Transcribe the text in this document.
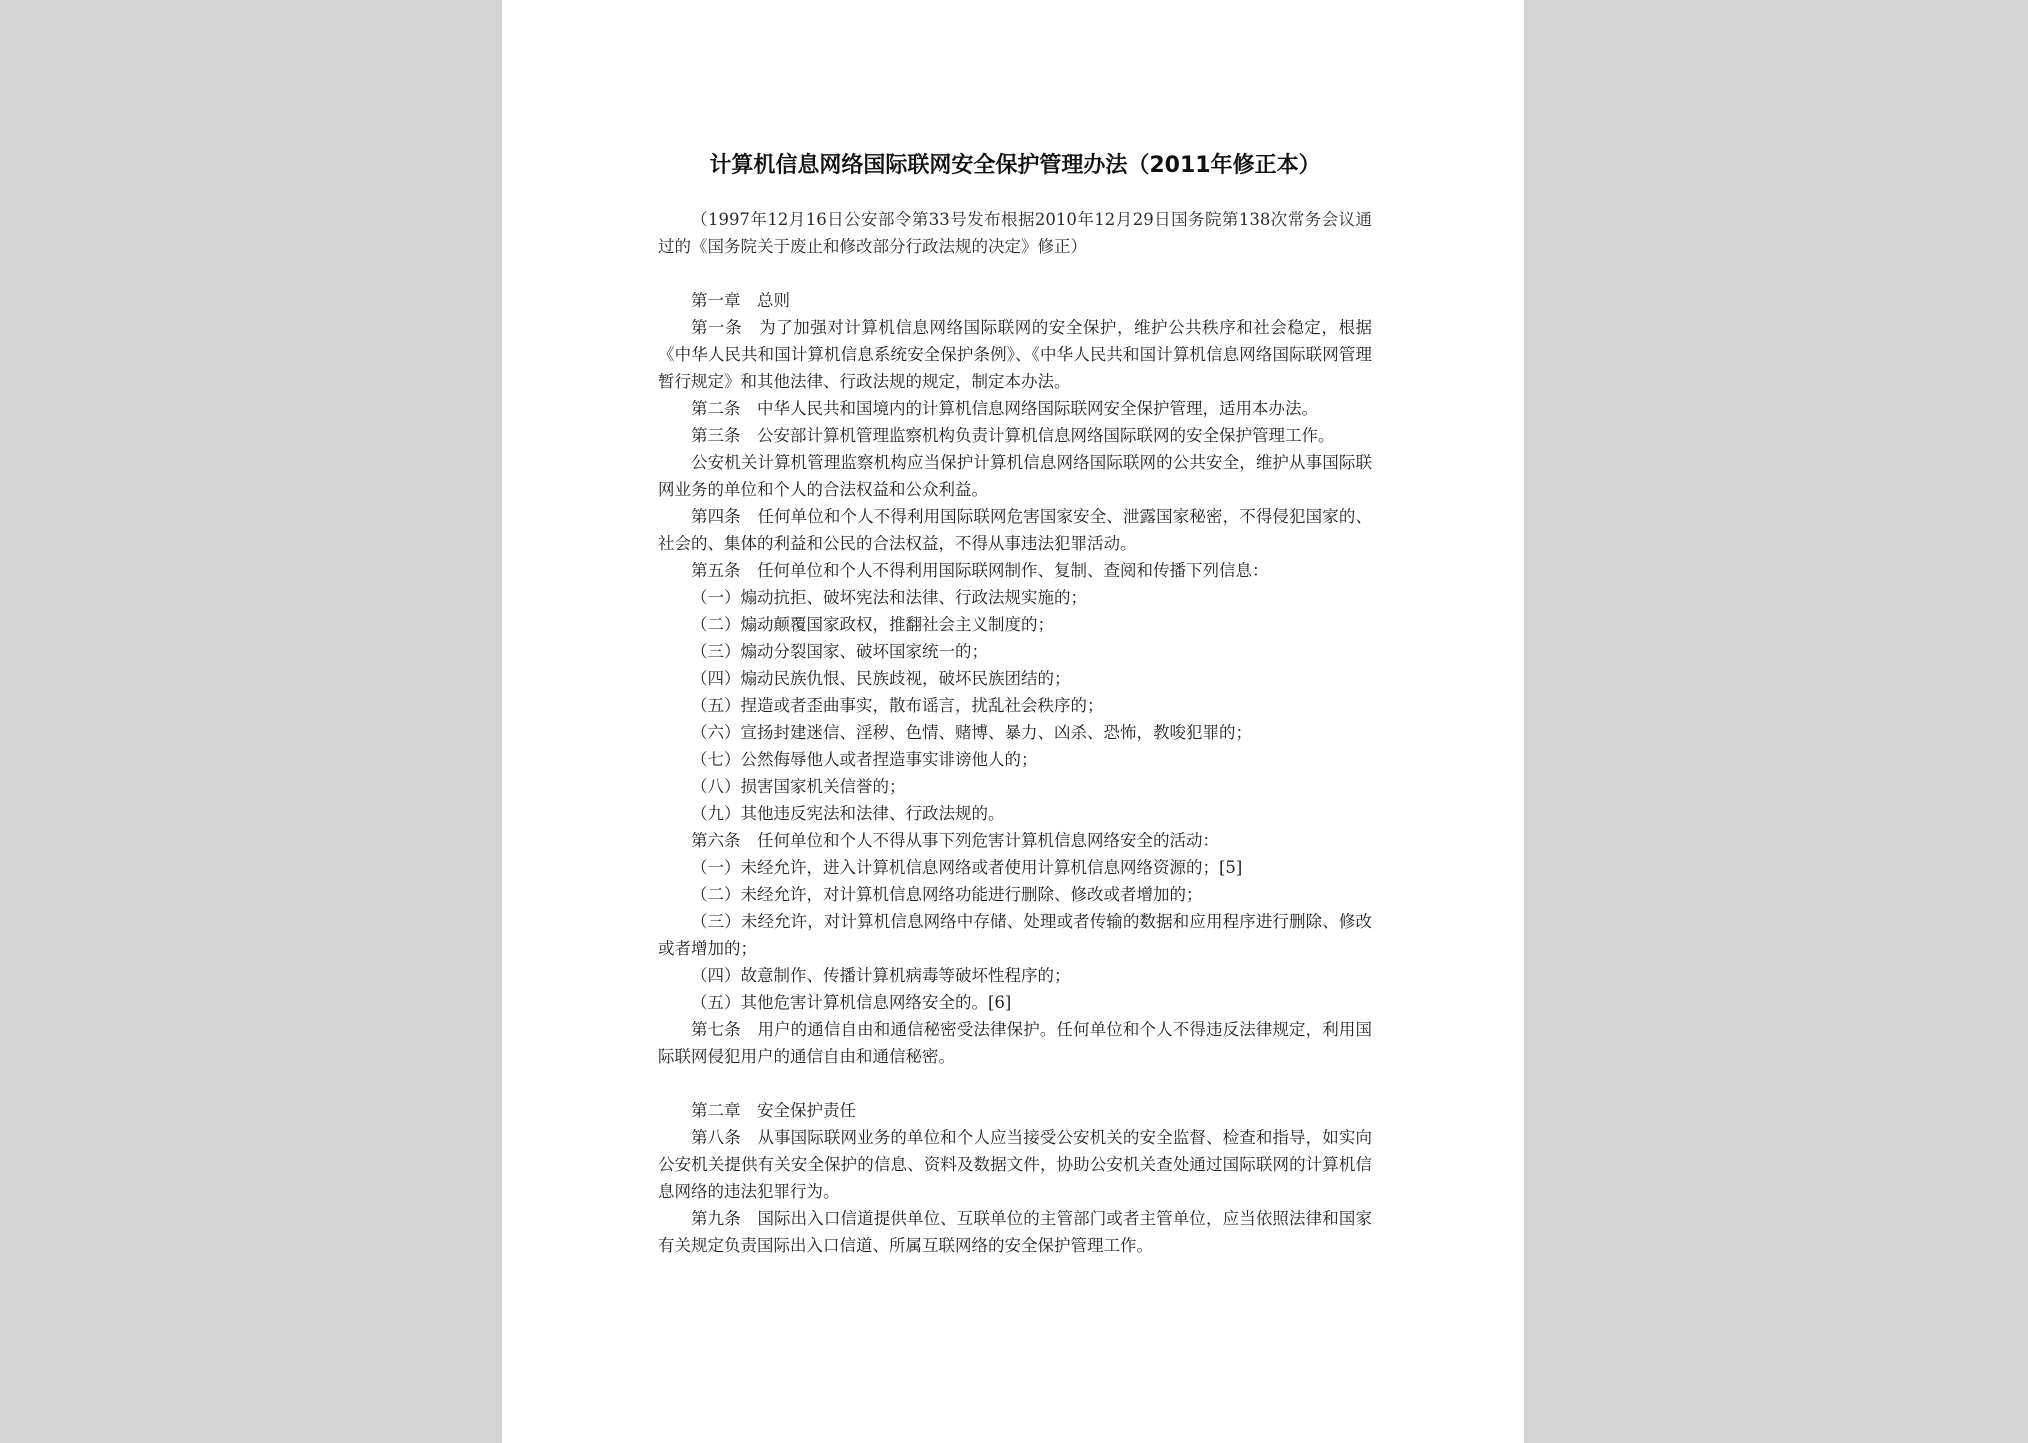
计算机信息网络国际联网安全保护管理办法（2011年修正本）

（1997年12月16日公安部令第33号发布根据2010年12月29日国务院第138次常务会议通过的《国务院关于废止和修改部分行政法规的决定》修正）

第一章　总则

第一条　为了加强对计算机信息网络国际联网的安全保护，维护公共秩序和社会稳定，根据《中华人民共和国计算机信息系统安全保护条例》、《中华人民共和国计算机信息网络国际联网管理暂行规定》和其他法律、行政法规的规定，制定本办法。

第二条　中华人民共和国境内的计算机信息网络国际联网安全保护管理，适用本办法。

第三条　公安部计算机管理监察机构负责计算机信息网络国际联网的安全保护管理工作。

公安机关计算机管理监察机构应当保护计算机信息网络国际联网的公共安全，维护从事国际联网业务的单位和个人的合法权益和公众利益。

第四条　任何单位和个人不得利用国际联网危害国家安全、泄露国家秘密，不得侵犯国家的、社会的、集体的利益和公民的合法权益，不得从事违法犯罪活动。

第五条　任何单位和个人不得利用国际联网制作、复制、查阅和传播下列信息：

（一）煽动抗拒、破坏宪法和法律、行政法规实施的；

（二）煽动颠覆国家政权，推翻社会主义制度的；

（三）煽动分裂国家、破坏国家统一的；

（四）煽动民族仇恨、民族歧视，破坏民族团结的；

（五）捏造或者歪曲事实，散布谣言，扰乱社会秩序的；

（六）宣扬封建迷信、淫秽、色情、赌博、暴力、凶杀、恐怖，教唆犯罪的；

（七）公然侮辱他人或者捏造事实诽谤他人的；

（八）损害国家机关信誉的；

（九）其他违反宪法和法律、行政法规的。

第六条　任何单位和个人不得从事下列危害计算机信息网络安全的活动：

（一）未经允许，进入计算机信息网络或者使用计算机信息网络资源的；[5]

（二）未经允许，对计算机信息网络功能进行删除、修改或者增加的；

（三）未经允许，对计算机信息网络中存储、处理或者传输的数据和应用程序进行删除、修改或者增加的；

（四）故意制作、传播计算机病毒等破坏性程序的；

（五）其他危害计算机信息网络安全的。[6]

第七条　用户的通信自由和通信秘密受法律保护。任何单位和个人不得违反法律规定，利用国际联网侵犯用户的通信自由和通信秘密。

第二章　安全保护责任

第八条　从事国际联网业务的单位和个人应当接受公安机关的安全监督、检查和指导，如实向公安机关提供有关安全保护的信息、资料及数据文件，协助公安机关查处通过国际联网的计算机信息网络的违法犯罪行为。

第九条　国际出入口信道提供单位、互联单位的主管部门或者主管单位，应当依照法律和国家有关规定负责国际出入口信道、所属互联网络的安全保护管理工作。
